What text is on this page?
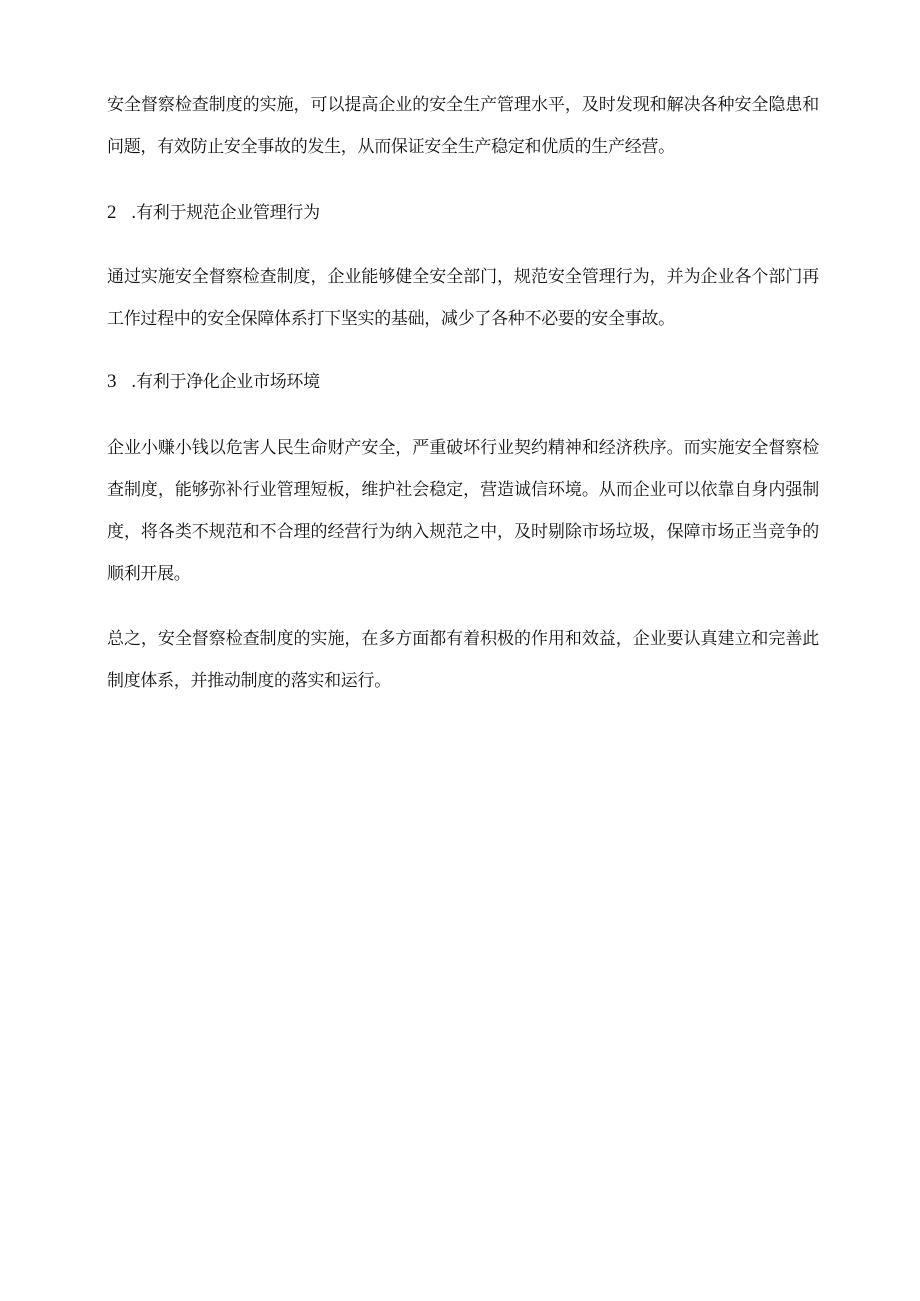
安全督察检查制度的实施，可以提高企业的安全生产管理水平，及时发现和解决各种安全隐患和问题，有效防止安全事故的发生，从而保证安全生产稳定和优质的生产经营。

2 .有利于规范企业管理行为

通过实施安全督察检查制度，企业能够健全安全部门，规范安全管理行为，并为企业各个部门再工作过程中的安全保障体系打下坚实的基础，减少了各种不必要的安全事故。

3 .有利于净化企业市场环境

企业小赚小钱以危害人民生命财产安全，严重破坏行业契约精神和经济秩序。而实施安全督察检查制度，能够弥补行业管理短板，维护社会稳定，营造诚信环境。从而企业可以依靠自身内强制度，将各类不规范和不合理的经营行为纳入规范之中，及时剔除市场垃圾，保障市场正当竞争的顺利开展。

总之，安全督察检查制度的实施，在多方面都有着积极的作用和效益，企业要认真建立和完善此制度体系，并推动制度的落实和运行。
